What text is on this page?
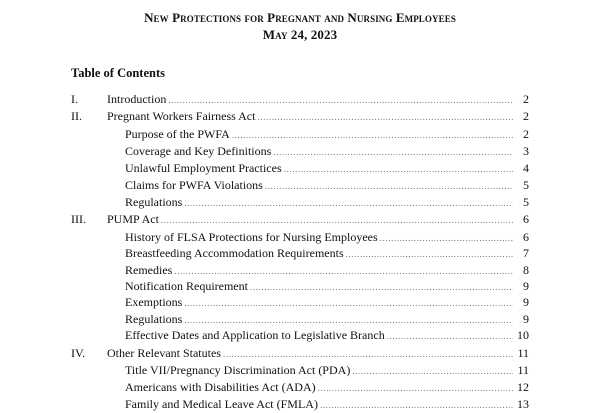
New Protections for Pregnant and Nursing Employees
May 24, 2023
Table of Contents
I. Introduction .....	2
II. Pregnant Workers Fairness Act .....	2
Purpose of the PWFA .....	2
Coverage and Key Definitions .....	3
Unlawful Employment Practices .....	4
Claims for PWFA Violations .....	5
Regulations .....	5
III. PUMP Act .....	6
History of FLSA Protections for Nursing Employees .....	6
Breastfeeding Accommodation Requirements .....	7
Remedies .....	8
Notification Requirement .....	9
Exemptions .....	9
Regulations .....	9
Effective Dates and Application to Legislative Branch .....	10
IV. Other Relevant Statutes .....	11
Title VII/Pregnancy Discrimination Act (PDA) .....	11
Americans with Disabilities Act (ADA) .....	12
Family and Medical Leave Act (FMLA) .....	13
